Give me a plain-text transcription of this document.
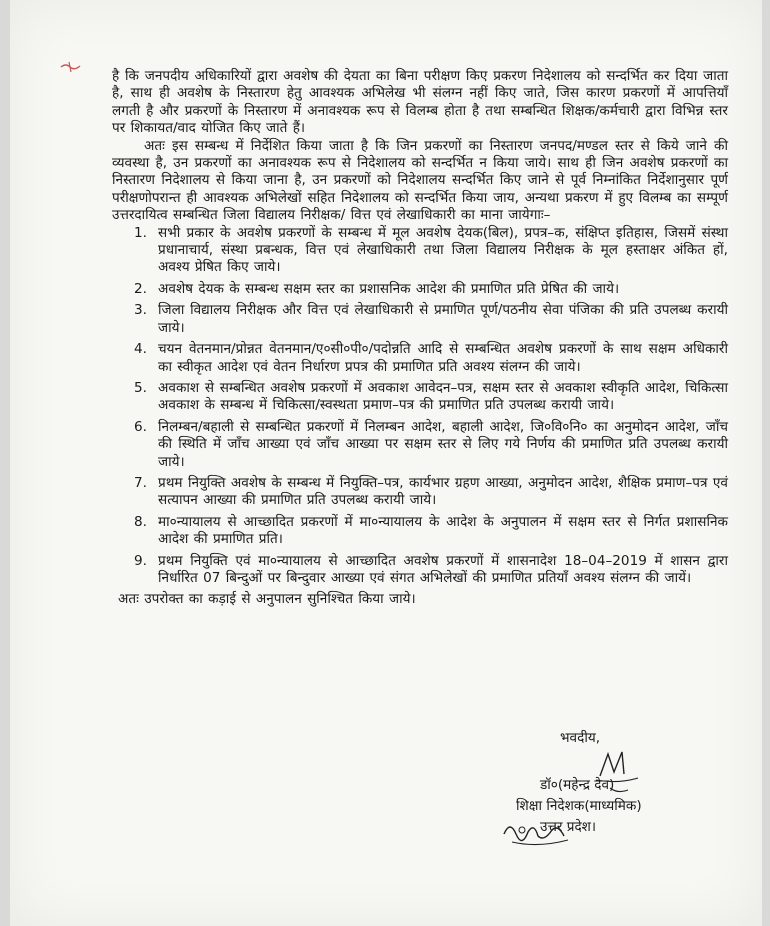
है कि जनपदीय अधिकारियों द्वारा अवशेष की देयता का बिना परीक्षण किए प्रकरण निदेशालय को सन्दर्भित कर दिया जाता है, साथ ही अवशेष के निस्तारण हेतु आवश्यक अभिलेख भी संलग्न नहीं किए जाते, जिस कारण प्रकरणों में आपत्तियाँ लगती है और प्रकरणों के निस्तारण में अनावश्यक रूप से विलम्ब होता है तथा सम्बन्धित शिक्षक/कर्मचारी द्वारा विभिन्न स्तर पर शिकायत/वाद योजित किए जाते हैं।

अतः इस सम्बन्ध में निर्देशित किया जाता है कि जिन प्रकरणों का निस्तारण जनपद/मण्डल स्तर से किये जाने की व्यवस्था है, उन प्रकरणों का अनावश्यक रूप से निदेशालय को सन्दर्भित न किया जाये। साथ ही जिन अवशेष प्रकरणों का निस्तारण निदेशालय से किया जाना है, उन प्रकरणों को निदेशालय सन्दर्भित किए जाने से पूर्व निम्नांकित निर्देशानुसार पूर्ण परीक्षणोपरान्त ही आवश्यक अभिलेखों सहित निदेशालय को सन्दर्भित किया जाय, अन्यथा प्रकरण में हुए विलम्ब का सम्पूर्ण उत्तरदायित्व सम्बन्धित जिला विद्यालय निरीक्षक/ वित्त एवं लेखाधिकारी का माना जायेगाः–

1. सभी प्रकार के अवशेष प्रकरणों के सम्बन्ध में मूल अवशेष देयक(बिल), प्रपत्र–क, संक्षिप्त इतिहास, जिसमें संस्था प्रधानाचार्य, संस्था प्रबन्धक, वित्त एवं लेखाधिकारी तथा जिला विद्यालय निरीक्षक के मूल हस्ताक्षर अंकित हों, अवश्य प्रेषित किए जाये।
2. अवशेष देयक के सम्बन्ध सक्षम स्तर का प्रशासनिक आदेश की प्रमाणित प्रति प्रेषित की जाये।
3. जिला विद्यालय निरीक्षक और वित्त एवं लेखाधिकारी से प्रमाणित पूर्ण/पठनीय सेवा पंजिका की प्रति उपलब्ध करायी जाये।
4. चयन वेतनमान/प्रोन्नत वेतनमान/ए०सी०पी०/पदोन्नति आदि से सम्बन्धित अवशेष प्रकरणों के साथ सक्षम अधिकारी का स्वीकृत आदेश एवं वेतन निर्धारण प्रपत्र की प्रमाणित प्रति अवश्य संलग्न की जाये।
5. अवकाश से सम्बन्धित अवशेष प्रकरणों में अवकाश आवेदन–पत्र, सक्षम स्तर से अवकाश स्वीकृति आदेश, चिकित्सा अवकाश के सम्बन्ध में चिकित्सा/स्वस्थता प्रमाण–पत्र की प्रमाणित प्रति उपलब्ध करायी जाये।
6. निलम्बन/बहाली से सम्बन्धित प्रकरणों में निलम्बन आदेश, बहाली आदेश, जि०वि०नि० का अनुमोदन आदेश, जाँच की स्थिति में जाँच आख्या एवं जाँच आख्या पर सक्षम स्तर से लिए गये निर्णय की प्रमाणित प्रति उपलब्ध करायी जाये।
7. प्रथम नियुक्ति अवशेष के सम्बन्ध में नियुक्ति–पत्र, कार्यभार ग्रहण आख्या, अनुमोदन आदेश, शैक्षिक प्रमाण–पत्र एवं सत्यापन आख्या की प्रमाणित प्रति उपलब्ध करायी जाये।
8. मा०न्यायालय से आच्छादित प्रकरणों में मा०न्यायालय के आदेश के अनुपालन में सक्षम स्तर से निर्गत प्रशासनिक आदेश की प्रमाणित प्रति।
9. प्रथम नियुक्ति एवं मा०न्यायालय से आच्छादित अवशेष प्रकरणों में शासनादेश 18–04–2019 में शासन द्वारा निर्धारित 07 बिन्दुओं पर बिन्दुवार आख्या एवं संगत अभिलेखों की प्रमाणित प्रतियाँ अवश्य संलग्न की जायें।

अतः उपरोक्त का कड़ाई से अनुपालन सुनिश्चित किया जाये।

भवदीय,
डॉ०(महेन्द्र देव)
शिक्षा निदेशक(माध्यमिक)
उत्तर प्रदेश।
